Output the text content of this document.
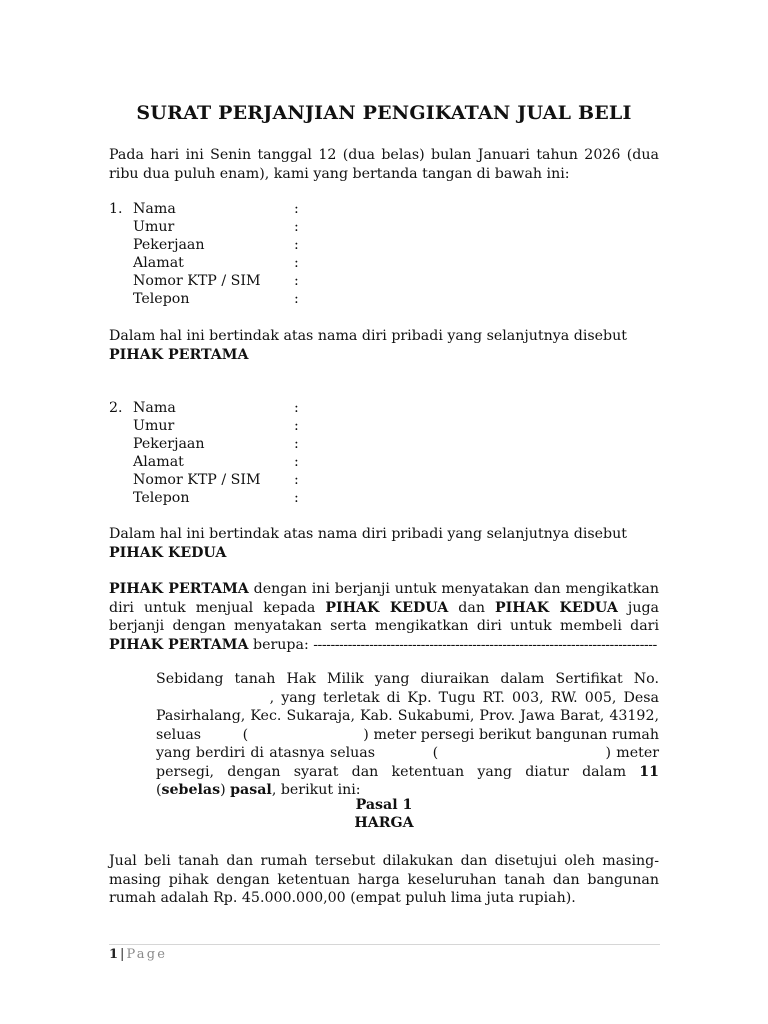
SURAT PERJANJIAN PENGIKATAN JUAL BELI
Pada hari ini Senin tanggal 12 (dua belas) bulan Januari tahun 2026 (dua ribu dua puluh enam), kami yang bertanda tangan di bawah ini:
1. Nama	:
Umur	:
Pekerjaan	:
Alamat	:
Nomor KTP / SIM :
Telepon	:
Dalam hal ini bertindak atas nama diri pribadi yang selanjutnya disebut PIHAK PERTAMA
2. Nama	:
Umur	:
Pekerjaan	:
Alamat	:
Nomor KTP / SIM :
Telepon	:
Dalam hal ini bertindak atas nama diri pribadi yang selanjutnya disebut PIHAK KEDUA
PIHAK PERTAMA dengan ini berjanji untuk menyatakan dan mengikatkan diri untuk menjual kepada PIHAK KEDUA dan PIHAK KEDUA juga berjanji dengan menyatakan serta mengikatkan diri untuk membeli dari PIHAK PERTAMA berupa: --------------------------------------------------------------------------------
Sebidang tanah Hak Milik yang diuraikan dalam Sertifikat No.                 , yang terletak di Kp. Tugu RT. 003, RW. 005, Desa Pasirhalang, Kec. Sukaraja, Kab. Sukabumi, Prov. Jawa Barat, 43192, seluas         (                         ) meter persegi berikut bangunan rumah yang berdiri di atasnya seluas           (                                ) meter persegi, dengan syarat dan ketentuan yang diatur dalam 11 (sebelas) pasal, berikut ini:
Pasal 1
HARGA
Jual beli tanah dan rumah tersebut dilakukan dan disetujui oleh masing-masing pihak dengan ketentuan harga keseluruhan tanah dan bangunan rumah adalah Rp. 45.000.000,00 (empat puluh lima juta rupiah).
1 | Page
